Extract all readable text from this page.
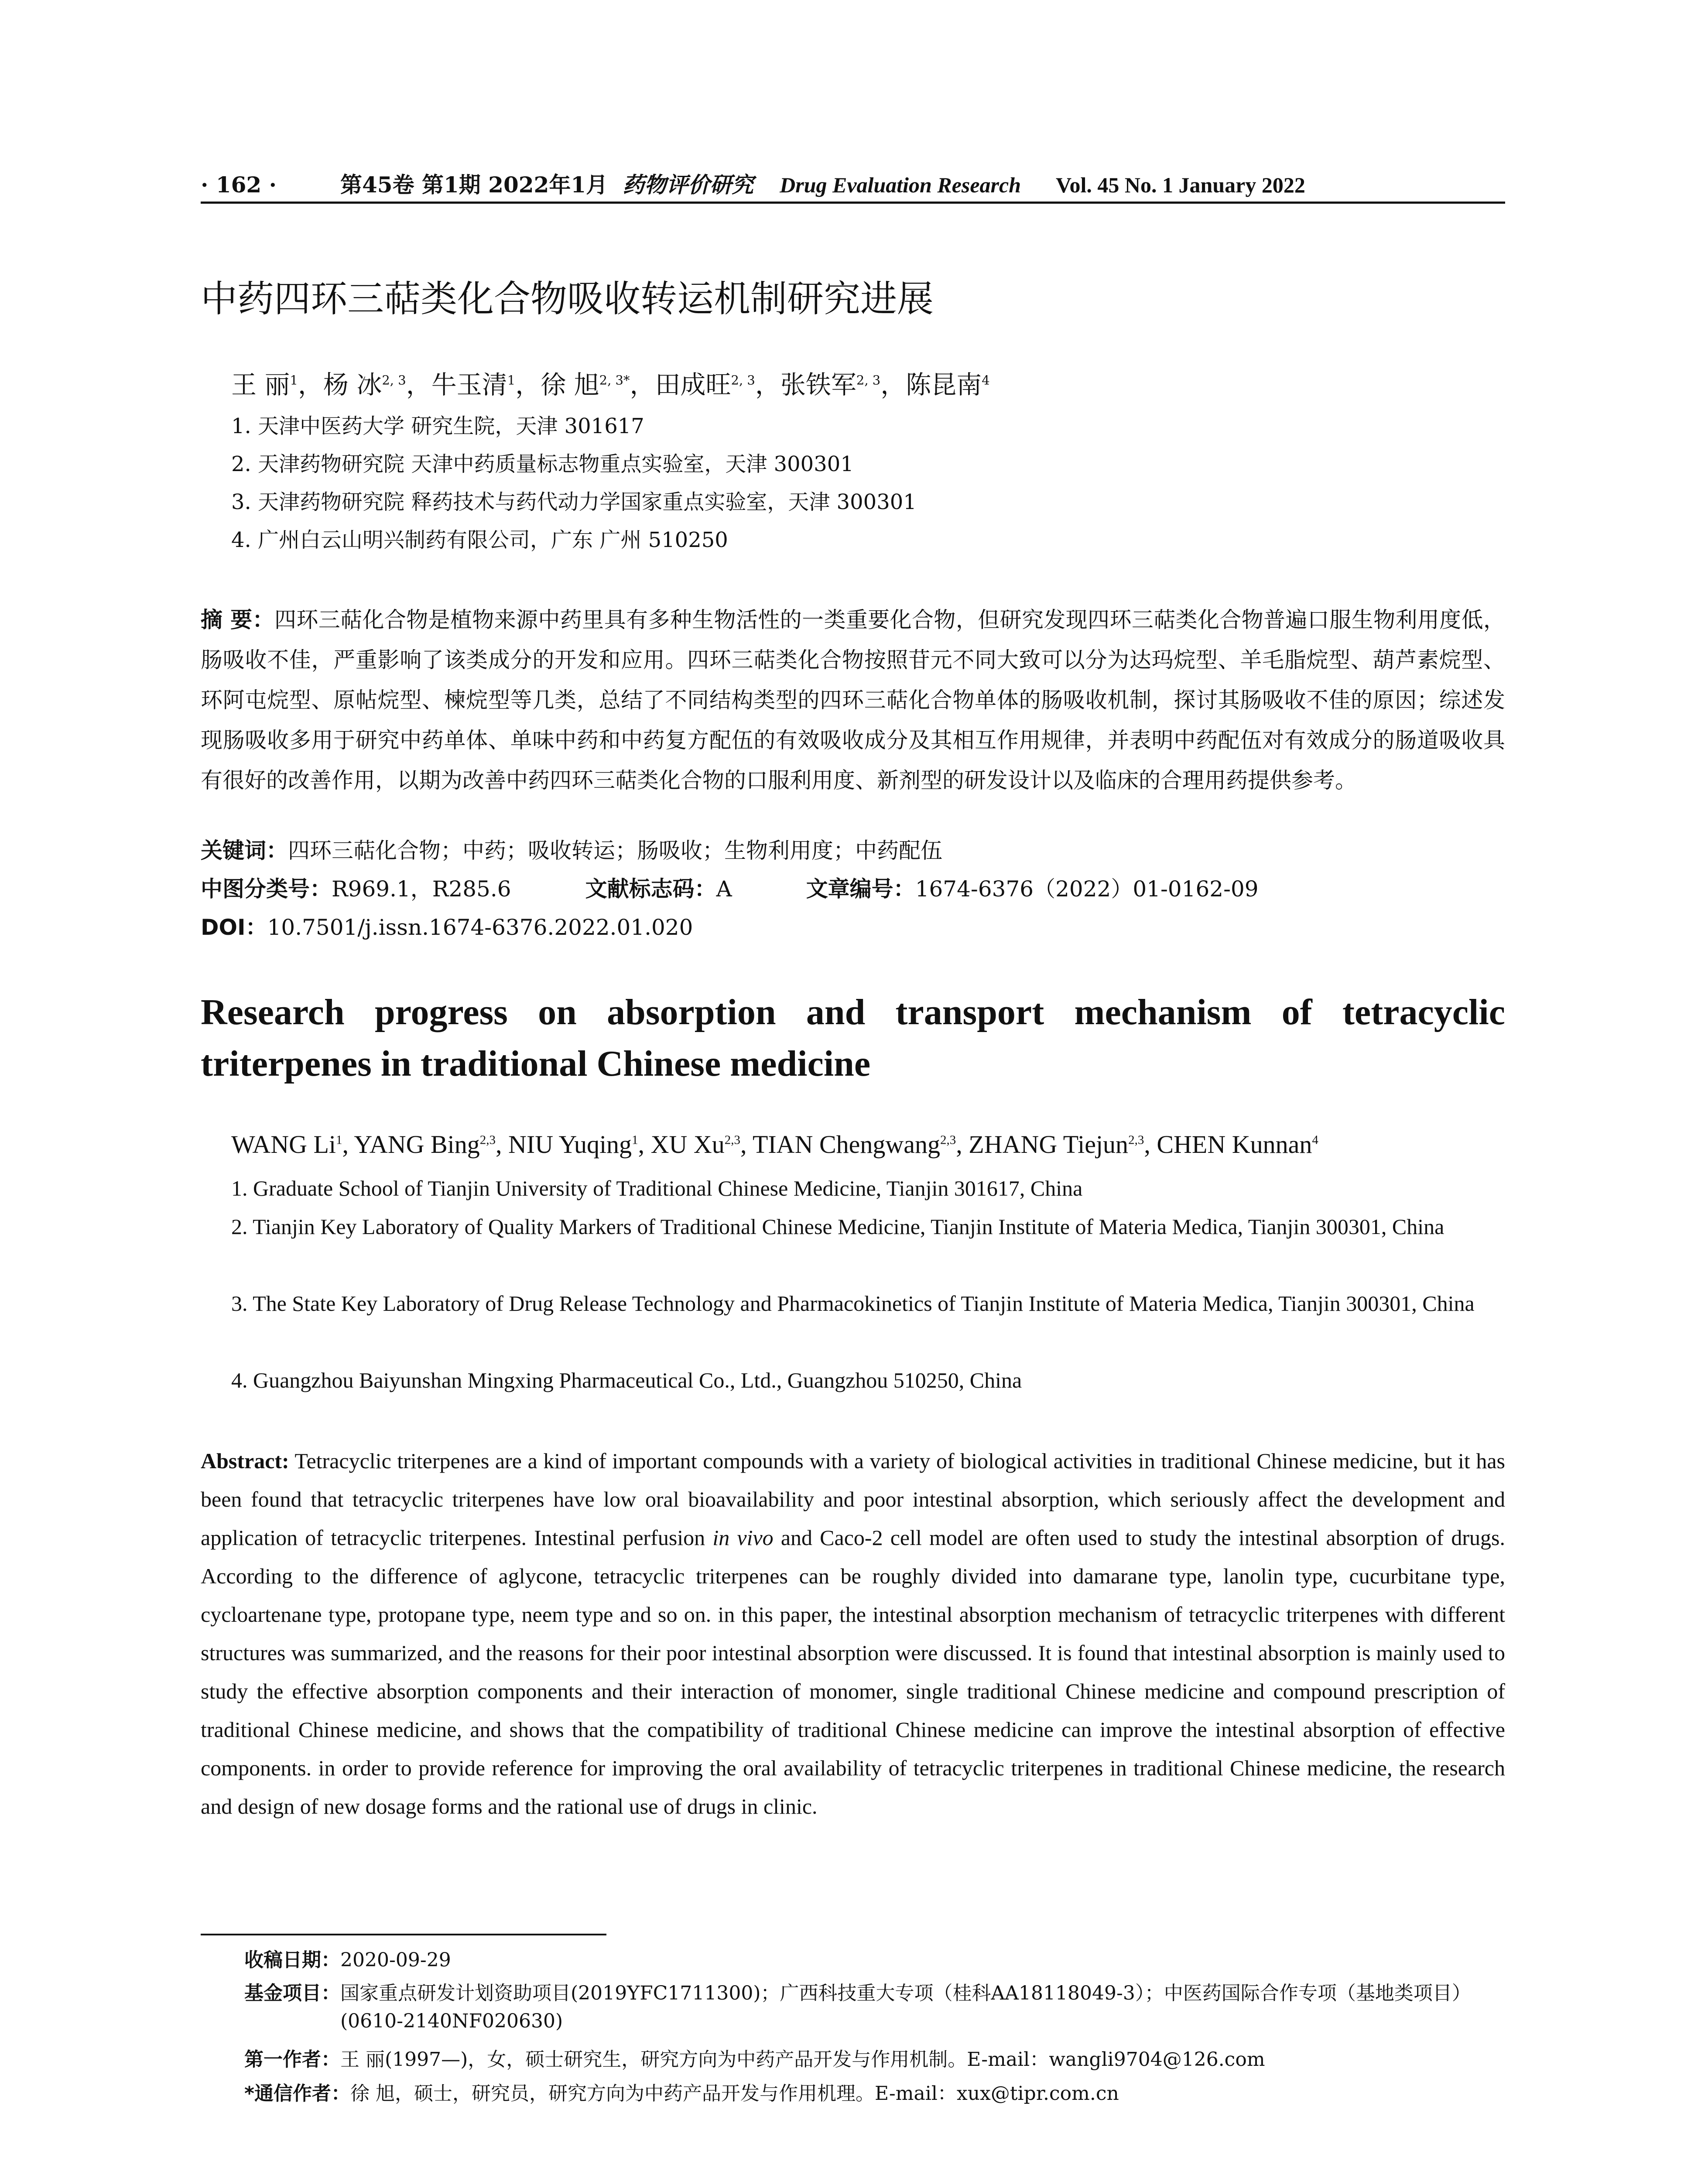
· 162 ·	第45卷 第1期 2022年1月 药物评价研究 Drug Evaluation Research Vol. 45 No. 1 January 2022
中药四环三萜类化合物吸收转运机制研究进展
王 丽$^1$，杨 冰$^{2, 3}$，牛玉清$^1$，徐 旭$^{2, 3*}$，田成旺$^{2, 3}$，张铁军$^{2, 3}$，陈昆南$^4$
1. 天津中医药大学 研究生院，天津 301617
2. 天津药物研究院 天津中药质量标志物重点实验室，天津 300301
3. 天津药物研究院 释药技术与药代动力学国家重点实验室，天津 300301
4. 广州白云山明兴制药有限公司，广东 广州 510250
摘 要：四环三萜化合物是植物来源中药里具有多种生物活性的一类重要化合物，但研究发现四环三萜类化合物普遍口服生物利用度低，肠吸收不佳，严重影响了该类成分的开发和应用。四环三萜类化合物按照苷元不同大致可以分为达玛烷型、羊毛脂烷型、葫芦素烷型、环阿屯烷型、原帖烷型、楝烷型等几类，总结了不同结构类型的四环三萜化合物单体的肠吸收机制，探讨其肠吸收不佳的原因；综述发现肠吸收多用于研究中药单体、单味中药和中药复方配伍的有效吸收成分及其相互作用规律，并表明中药配伍对有效成分的肠道吸收具有很好的改善作用，以期为改善中药四环三萜类化合物的口服利用度、新剂型的研发设计以及临床的合理用药提供参考。
关键词：四环三萜化合物；中药；吸收转运；肠吸收；生物利用度；中药配伍
中图分类号：R969.1，R285.6	文献标志码：A	文章编号：1674-6376（2022）01-0162-09
DOI：10.7501/j.issn.1674-6376.2022.01.020
Research progress on absorption and transport mechanism of tetracyclic triterpenes in traditional Chinese medicine
WANG Li$^1$, YANG Bing$^{2,3}$, NIU Yuqing$^1$, XU Xu$^{2,3}$, TIAN Chengwang$^{2,3}$, ZHANG Tiejun$^{2,3}$, CHEN Kunnan$^4$
1. Graduate School of Tianjin University of Traditional Chinese Medicine, Tianjin 301617, China
2. Tianjin Key Laboratory of Quality Markers of Traditional Chinese Medicine, Tianjin Institute of Materia Medica, Tianjin 300301, China
3. The State Key Laboratory of Drug Release Technology and Pharmacokinetics of Tianjin Institute of Materia Medica, Tianjin 300301, China
4. Guangzhou Baiyunshan Mingxing Pharmaceutical Co., Ltd., Guangzhou 510250, China
Abstract: Tetracyclic triterpenes are a kind of important compounds with a variety of biological activities in traditional Chinese medicine, but it has been found that tetracyclic triterpenes have low oral bioavailability and poor intestinal absorption, which seriously affect the development and application of tetracyclic triterpenes. Intestinal perfusion in vivo and Caco-2 cell model are often used to study the intestinal absorption of drugs. According to the difference of aglycone, tetracyclic triterpenes can be roughly divided into damarane type, lanolin type, cucurbitane type, cycloartenane type, protopane type, neem type and so on. in this paper, the intestinal absorption mechanism of tetracyclic triterpenes with different structures was summarized, and the reasons for their poor intestinal absorption were discussed. It is found that intestinal absorption is mainly used to study the effective absorption components and their interaction of monomer, single traditional Chinese medicine and compound prescription of traditional Chinese medicine, and shows that the compatibility of traditional Chinese medicine can improve the intestinal absorption of effective components. in order to provide reference for improving the oral availability of tetracyclic triterpenes in traditional Chinese medicine, the research and design of new dosage forms and the rational use of drugs in clinic.
收稿日期：2020-09-29
基金项目：国家重点研发计划资助项目(2019YFC1711300)；广西科技重大专项（桂科AA18118049-3）；中医药国际合作专项（基地类项目）(0610-2140NF020630)
第一作者：王 丽(1997—)，女，硕士研究生，研究方向为中药产品开发与作用机制。E-mail：wangli9704@126.com
*通信作者：徐 旭，硕士，研究员，研究方向为中药产品开发与作用机理。E-mail：xux@tipr.com.cn
